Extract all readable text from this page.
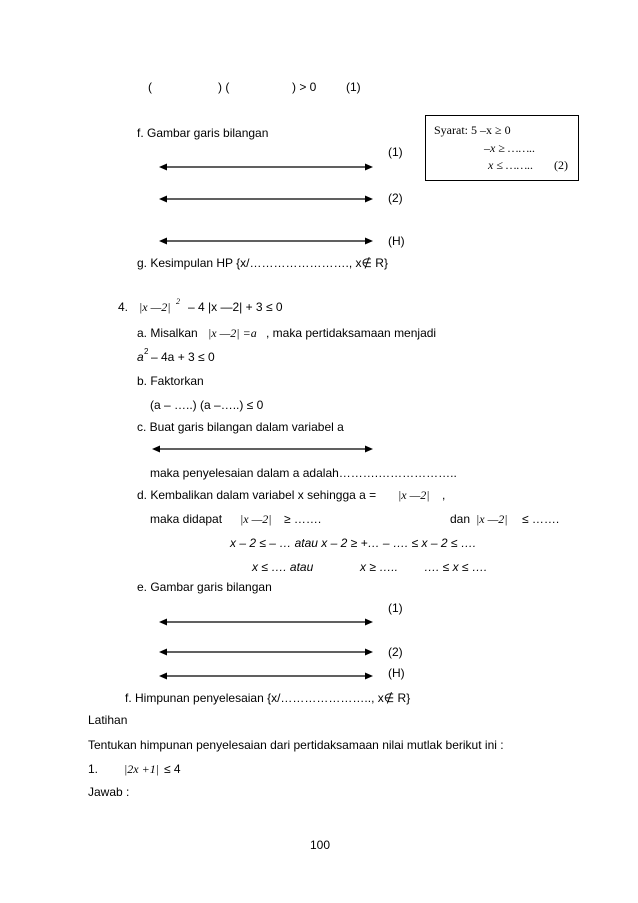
(	) (	) > 0 (1)
f. Gambar garis bilangan	Syarat: 5 –x ≥ 0
–x ≥ ……..
x ≤ …….. (2)
(1)
(2)
(H)
g. Kesimpulan HP {x/……………………., x∉ R}
4. |x —2| 2 – 4 |x —2| + 3 ≤ 0
a. Misalkan |x —2| =a , maka pertidaksamaan menjadi
a 2 – 4a + 3 ≤ 0
b. Faktorkan
(a – …..) (a –…..) ≤ 0
c. Buat garis bilangan dalam variabel a
maka penyelesaian dalam a adalah……….………………..
d. Kembalikan dalam variabel x sehingga a = |x —2| ,
maka didapat |x —2| ≥ …….	dan |x —2| ≤ …….
x – 2 ≤ – … atau x – 2 ≥ +… – …. ≤ x – 2 ≤ ….
x ≤ …. atau	x ≥ ….. …. ≤ x ≤ ….
e. Gambar garis bilangan
(1)
(2)
(H)
f. Himpunan penyelesaian {x/………………….., x∉ R}
Latihan
Tentukan himpunan penyelesaian dari pertidaksamaan nilai mutlak berikut ini :
1. |2x +1| ≤ 4
Jawab :
100
